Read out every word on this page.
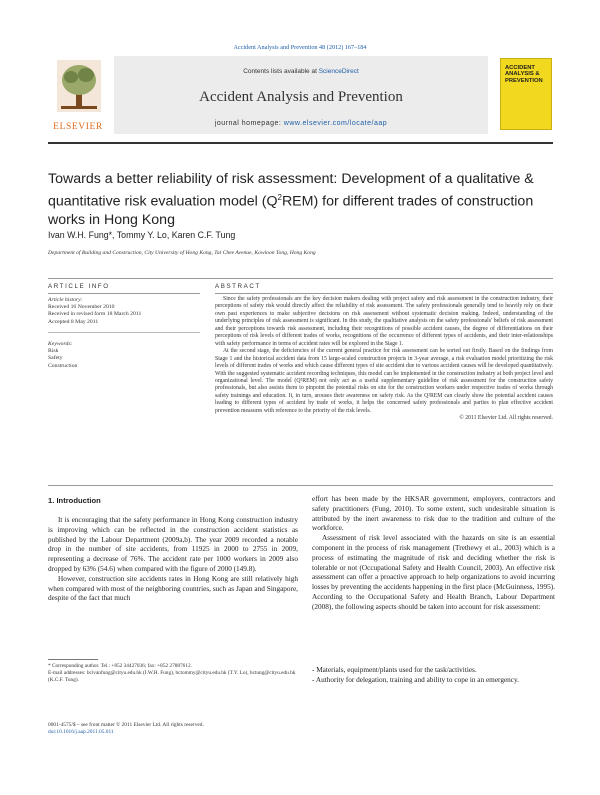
Accident Analysis and Prevention 48 (2012) 167–184
ELSEVIER
Contents lists available at ScienceDirect
Accident Analysis and Prevention
journal homepage: www.elsevier.com/locate/aap
ACCIDENT ANALYSIS & PREVENTION
Towards a better reliability of risk assessment: Development of a qualitative & quantitative risk evaluation model $(Q^2REM)$ for different trades of construction works in Hong Kong
Ivan W.H. Fung*, Tommy Y. Lo, Karen C.F. Tung
Department of Building and Construction, City University of Hong Kong, Tat Chee Avenue, Kowloon Tong, Hong Kong
ARTICLE INFO	ABSTRACT
Article history:
Received 16 November 2010
Received in revised form 18 March 2011
Accepted 8 May 2011
Keywords:
Risk
Safety
Construction

Since the safety professionals are the key decision makers dealing with project safety and risk assessment in the construction industry, their perceptions of safety risk would directly affect the reliability of risk assessment. The safety professionals generally tend to heavily rely on their own past experiences to make subjective decisions on risk assessment without systematic decision making. Indeed, understanding of the underlying principles of risk assessment is significant. In this study, the qualitative analysis on the safety professionals' beliefs of risk assessment and their perceptions towards risk assessment, including their recognitions of possible accident causes, the degree of differentiations on their perceptions of risk levels of different trades of works, recognitions of the occurrence of different types of accidents, and their inter-relationships with safety performance in terms of accident rates will be explored in the Stage 1.

At the second stage, the deficiencies of the current general practice for risk assessment can be sorted out firstly. Based on the findings from Stage 1 and the historical accident data from 15 large-scaled construction projects in 3-year average, a risk evaluation model prioritizing the risk levels of different trades of works and which cause different types of site accident due to various accident causes will be developed quantitatively. With the suggested systematic accident recording techniques, this model can be implemented in the construction industry at both project level and organizational level. The model (Q²REM) not only act as a useful supplementary guideline of risk assessment for the construction safety professionals, but also assists them to pinpoint the potential risks on site for the construction workers under respective trades of works through safety trainings and education. It, in turn, arouses their awareness on safety risk. As the Q²REM can clearly show the potential accident causes leading to different types of accident by trade of works, it helps the concerned safety professionals and parties to plan effective accident prevention measures with reference to the priority of the risk levels.

© 2011 Elsevier Ltd. All rights reserved.

1. Introduction

It is encouraging that the safety performance in Hong Kong construction industry is improving which can be reflected in the construction accident statistics as published by the Labour Department (2009a,b). The year 2009 recorded a notable drop in the number of site accidents, from 11925 in 2000 to 2755 in 2009, representing a decrease of 76%. The accident rate per 1000 workers in 2009 also dropped by 63% (54.6) when compared with the figure of 2000 (149.8).

However, construction site accidents rates in Hong Kong are still relatively high when compared with most of the neighboring countries, such as Japan and Singapore, despite of the fact that much

effort has been made by the HKSAR government, employers, contractors and safety practitioners (Fung, 2010). To some extent, such undesirable situation is attributed by the inert awareness to risk due to the tradition and culture of the workforce.

Assessment of risk level associated with the hazards on site is an essential component in the process of risk management (Trethewy et al., 2003) which is a process of estimating the magnitude of risk and deciding whether the risk is tolerable or not (Occupational Safety and Health Council, 2003). An effective risk assessment can offer a proactive approach to help organizations to avoid incurring losses by preventing the accidents happening in the first place (McGuinness, 1995). According to the Occupational Safety and Health Branch, Labour Department (2008), the following aspects should be taken into account for risk assessment:

- Materials, equipment/plants used for the task/activities.
- Authority for delegation, training and ability to cope in an emergency.
* Corresponding author. Tel.: +852 34427036; fax: +852 27887612.
E-mail addresses: bcivanfung@cityu.edu.hk (I.W.H. Fung), bctommy@cityu.edu.hk (T.Y. Lo), bctung@cityu.edu.hk (K.C.F. Tung).
0001-4575/$ – see front matter © 2011 Elsevier Ltd. All rights reserved.
doi:10.1016/j.aap.2011.05.011
